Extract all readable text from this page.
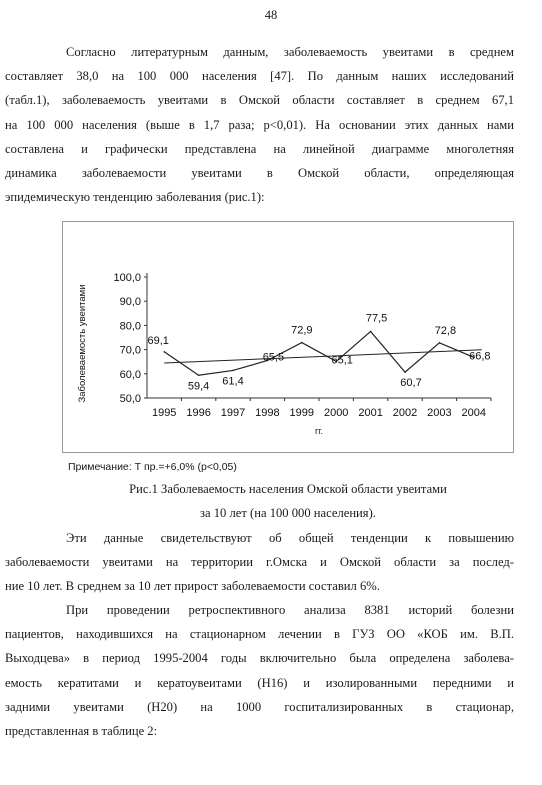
48
Согласно литературным данным, заболеваемость увеитами в среднем
составляет 38,0 на 100 000 населения [47]. По данным наших исследований
(табл.1), заболеваемость увеитами в Омской области составляет в среднем 67,1
на 100 000 населения (выше в 1,7 раза; p<0,01). На основании этих данных нами
составлена и графически представлена на линейной диаграмме многолетняя
динамика заболеваемости увеитами в Омской области, определяющая
эпидемическую тенденцию заболевания (рис.1):
100,0
90,0
80,0
70,0
60,0
50,0
1995 1996 1997 1998 1999 2000 2001 2002 2003 2004
гг.
Заболеваемость увеитами	69,1
59,4 61,4
65,5
72,9
65,1
77,5
60,7
72,8
66,8
Примечание: Т пр.=+6,0% (p<0,05)
Рис.1 Заболеваемость населения Омской области увеитами
за 10 лет (на 100 000 населения).
Эти данные свидетельствуют об общей тенденции к повышению
заболеваемости увеитами на территории г.Омска и Омской области за послед-
ние 10 лет. В среднем за 10 лет прирост заболеваемости составил 6%.
При проведении ретроспективного анализа 8381 историй болезни
пациентов, находившихся на стационарном лечении в ГУЗ ОО «КОБ им. В.П.
Выходцева» в период 1995-2004 годы включительно была определена заболева-
емость кератитами и кератоувеитами (Н16) и изолированными передними и
задними увеитами (Н20) на 1000 госпитализированных в стационар,
представленная в таблице 2:
